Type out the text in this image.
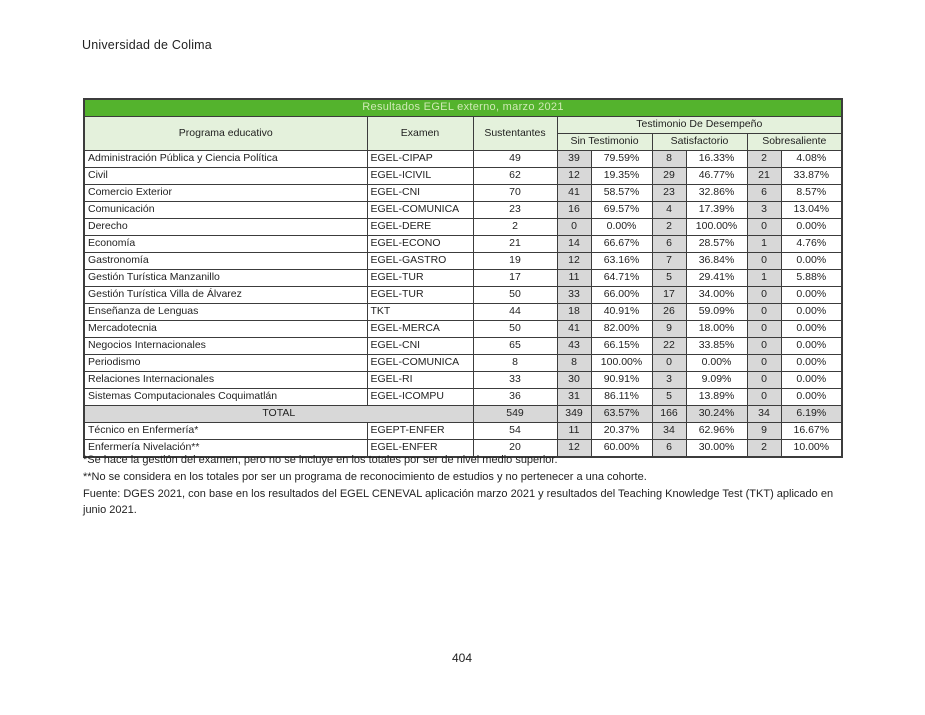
Universidad de Colima
Resultados EGEL externo, marzo 2021								
Programa educativo	Examen	Sustentantes	Testimonio De Desempeño					
			Sin Testimonio		Satisfactorio		Sobresaliente	
Administración Pública y Ciencia Política	EGEL-CIPAP	49	39	79.59%	8	16.33%	2	4.08%
Civil	EGEL-ICIVIL	62	12	19.35%	29	46.77%	21	33.87%
Comercio Exterior	EGEL-CNI	70	41	58.57%	23	32.86%	6	8.57%
Comunicación	EGEL-COMUNICA	23	16	69.57%	4	17.39%	3	13.04%
Derecho	EGEL-DERE	2	0	0.00%	2	100.00%	0	0.00%
Economía	EGEL-ECONO	21	14	66.67%	6	28.57%	1	4.76%
Gastronomía	EGEL-GASTRO	19	12	63.16%	7	36.84%	0	0.00%
Gestión Turística Manzanillo	EGEL-TUR	17	11	64.71%	5	29.41%	1	5.88%
Gestión Turística Villa de Álvarez	EGEL-TUR	50	33	66.00%	17	34.00%	0	0.00%
Enseñanza de Lenguas	TKT	44	18	40.91%	26	59.09%	0	0.00%
Mercadotecnia	EGEL-MERCA	50	41	82.00%	9	18.00%	0	0.00%
Negocios Internacionales	EGEL-CNI	65	43	66.15%	22	33.85%	0	0.00%
Periodismo	EGEL-COMUNICA	8	8	100.00%	0	0.00%	0	0.00%
Relaciones Internacionales	EGEL-RI	33	30	90.91%	3	9.09%	0	0.00%
Sistemas Computacionales Coquimatlán	EGEL-ICOMPU	36	31	86.11%	5	13.89%	0	0.00%
TOTAL		549	349	63.57%	166	30.24%	34	6.19%
Técnico en Enfermería*	EGEPT-ENFER	54	11	20.37%	34	62.96%	9	16.67%
Enfermería Nivelación**	EGEL-ENFER	20	12	60.00%	6	30.00%	2	10.00%
*Se hace la gestión del examen, pero no se incluye en los totales por ser de nivel medio superior.
**No se considera en los totales por ser un programa de reconocimiento de estudios y no pertenecer a una cohorte.
Fuente: DGES 2021, con base en los resultados del EGEL CENEVAL aplicación marzo 2021 y resultados del Teaching Knowledge Test (TKT) aplicado en junio 2021.
404
